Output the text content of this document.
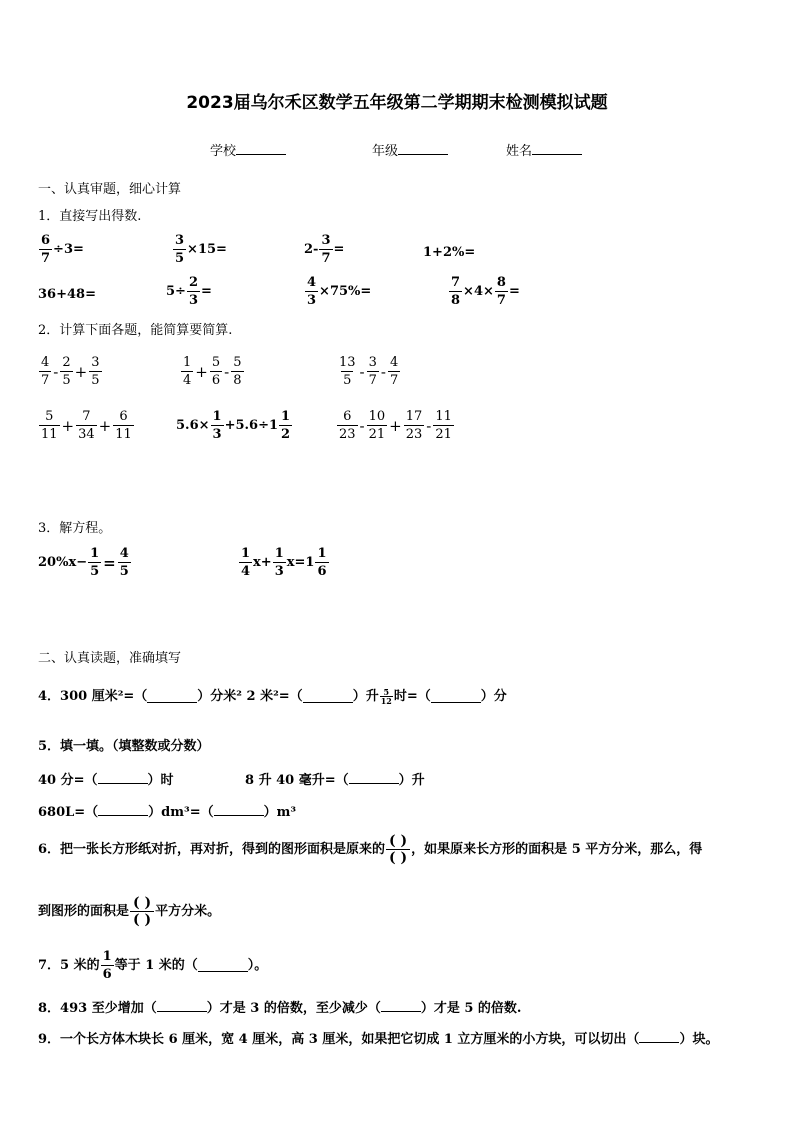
2023届乌尔禾区数学五年级第二学期期末检测模拟试题
学校	年级	姓名
一、认真审题，细心计算
1．直接写出得数.
$\frac{6}{7} \div 3=$	$\frac{3}{5} \times 15=$	$2- \frac{3}{7}$ =	1+2%=
36+48=	$5\div \frac{2}{3}$ =	$\frac{4}{3} \times 75\%=$	$\frac{7}{8} \times 4\times \frac{8}{7}$ =
2．计算下面各题，能简算要简算.
$\frac{4}{7} - \frac{2}{5} + \frac{3}{5}$	$\frac{1}{4} + \frac{5}{6} - \frac{5}{8}$	$\frac{13}{5} - \frac{3}{7} - \frac{4}{7}$
$\frac{5}{11} + \frac{7}{34} + \frac{6}{11}$	$5.6\times \frac{1}{3} +5.6\div 1 \frac{1}{2}$	$\frac{6}{23} - \frac{10}{21} + \frac{17}{23} - \frac{11}{21}$
3．解方程。
$20\%x- \frac{1}{5} = \frac{4}{5}$	$\frac{1}{4} x+ \frac{1}{3} x=1 \frac{1}{6}$
二、认真读题，准确填写
4．300 厘米²=（	）分米² 2 米²=（	）升 $\frac{5}{12}$ 时=（	）分
5．填一填。（填整数或分数）
40 分=（	）时	8 升 40 毫升=（	）升
680L=（	）dm³=（	）m³
6．把一张长方形纸对折，再对折，得到的图形面积是原来的 $\frac{( )}{( )}$ ，如果原来长方形的面积是 5 平方分米，那么，得
到图形的面积是 $\frac{( )}{( )}$ 平方分米。
7．5 米的 $\frac{1}{6}$ 等于 1 米的（	）。
8．493 至少增加（	）才是 3 的倍数，至少减少（	）才是 5 的倍数.
9．一个长方体木块长 6 厘米，宽 4 厘米，高 3 厘米，如果把它切成 1 立方厘米的小方块，可以切出（	）块。
